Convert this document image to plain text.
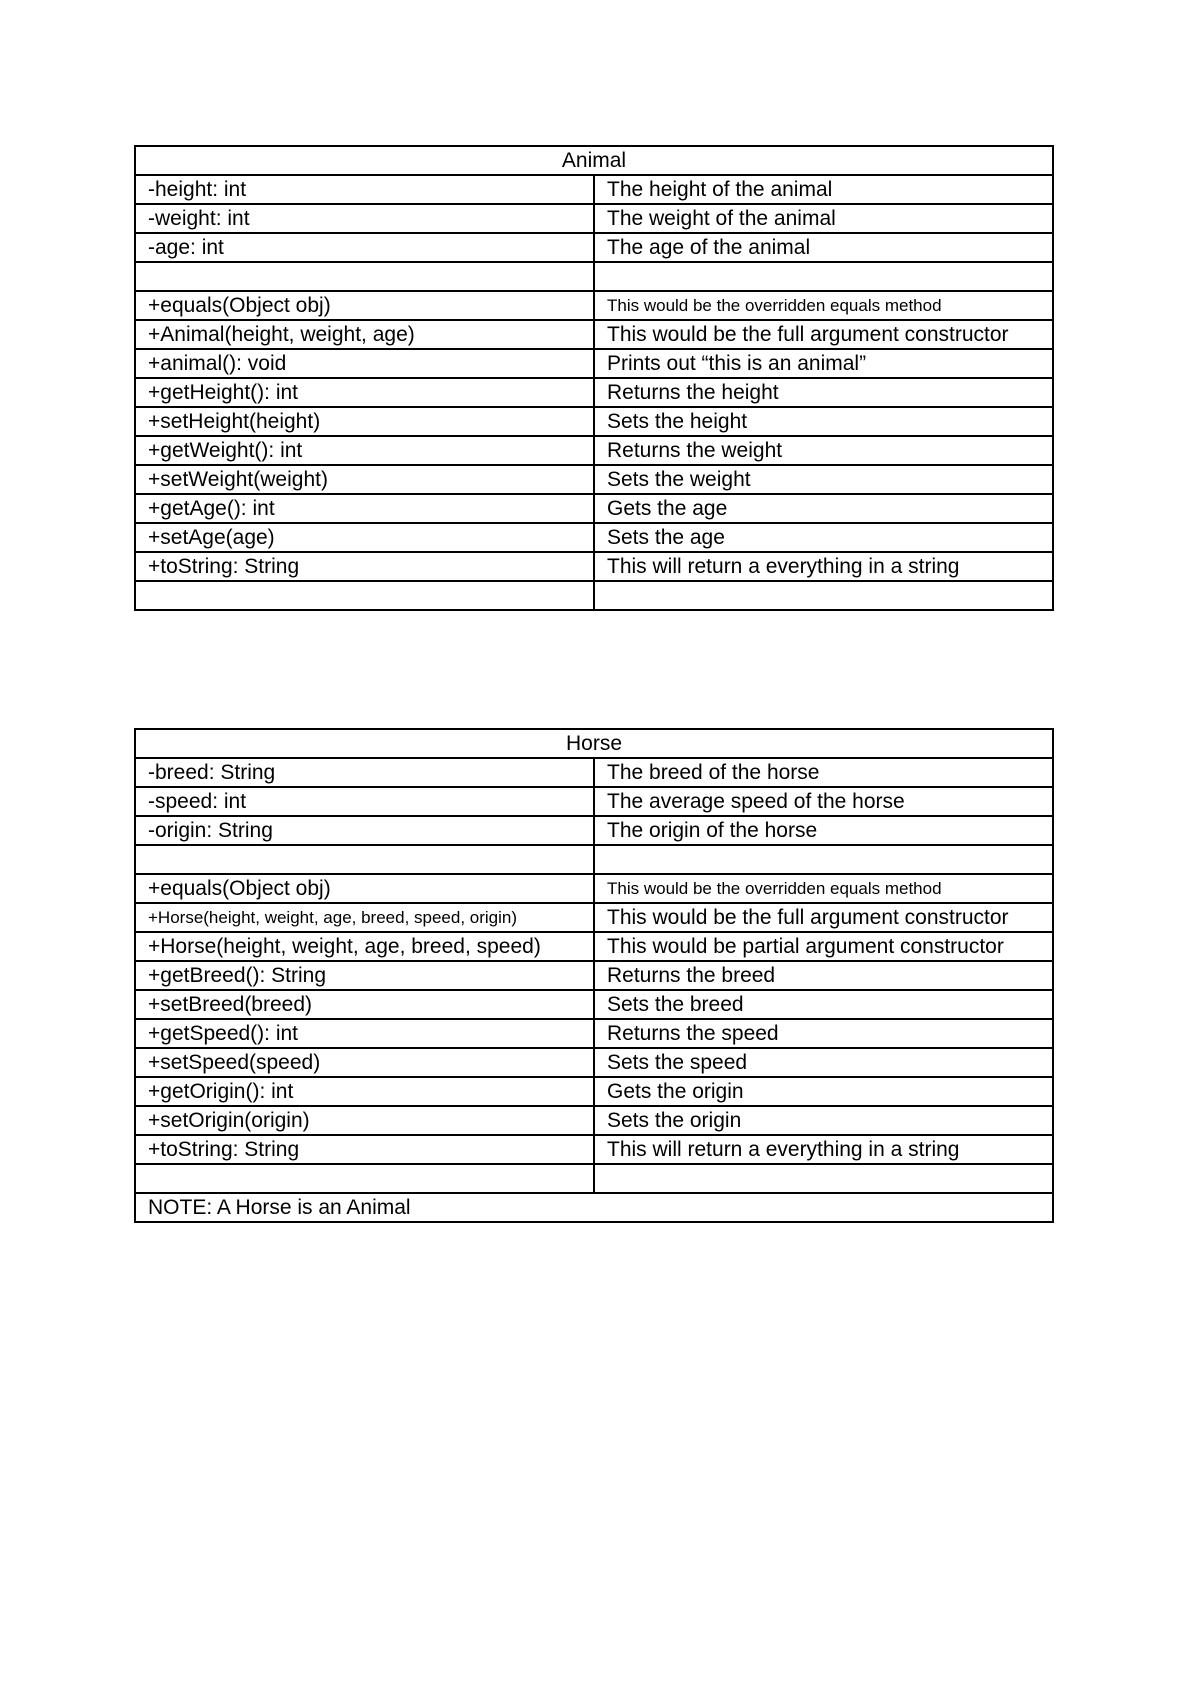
Animal	
-height: int	The height of the animal
-weight: int	The weight of the animal
-age: int	The age of the animal

+equals(Object obj)	This would be the overridden equals method
+Animal(height, weight, age)	This would be the full argument constructor
+animal(): void	Prints out “this is an animal”
+getHeight(): int	Returns the height
+setHeight(height)	Sets the height
+getWeight(): int	Returns the weight
+setWeight(weight)	Sets the weight
+getAge(): int	Gets the age
+setAge(age)	Sets the age
+toString: String	This will return a everything in a string

Horse	
-breed: String	The breed of the horse
-speed: int	The average speed of the horse
-origin: String	The origin of the horse

+equals(Object obj)	This would be the overridden equals method
+Horse(height, weight, age, breed, speed, origin)	This would be the full argument constructor
+Horse(height, weight, age, breed, speed)	This would be partial argument constructor
+getBreed(): String	Returns the breed
+setBreed(breed)	Sets the breed
+getSpeed(): int	Returns the speed
+setSpeed(speed)	Sets the speed
+getOrigin(): int	Gets the origin
+setOrigin(origin)	Sets the origin
+toString: String	This will return a everything in a string

NOTE: A Horse is an Animal	
